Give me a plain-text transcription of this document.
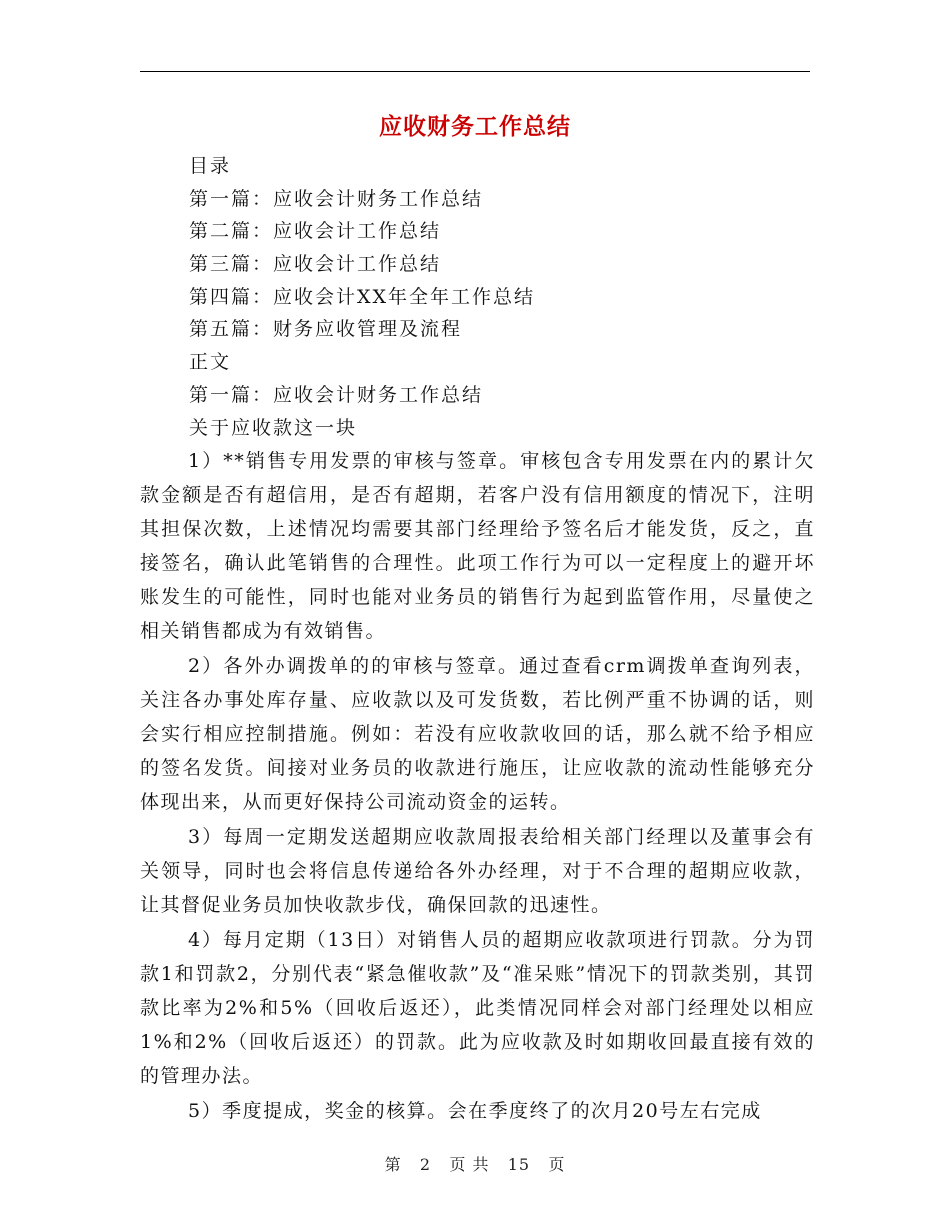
应收财务工作总结
目录
第一篇：应收会计财务工作总结
第二篇：应收会计工作总结
第三篇：应收会计工作总结
第四篇：应收会计XX年全年工作总结
第五篇：财务应收管理及流程
正文
第一篇：应收会计财务工作总结
关于应收款这一块

1）**销售专用发票的审核与签章。审核包含专用发票在内的累计欠款金额是否有超信用，是否有超期，若客户没有信用额度的情况下，注明其担保次数，上述情况均需要其部门经理给予签名后才能发货，反之，直接签名，确认此笔销售的合理性。此项工作行为可以一定程度上的避开坏账发生的可能性，同时也能对业务员的销售行为起到监管作用，尽量使之相关销售都成为有效销售。

2）各外办调拨单的的审核与签章。通过查看crm调拨单查询列表，关注各办事处库存量、应收款以及可发货数，若比例严重不协调的话，则会实行相应控制措施。例如：若没有应收款收回的话，那么就不给予相应的签名发货。间接对业务员的收款进行施压，让应收款的流动性能够充分体现出来，从而更好保持公司流动资金的运转。

3）每周一定期发送超期应收款周报表给相关部门经理以及董事会有关领导，同时也会将信息传递给各外办经理，对于不合理的超期应收款，让其督促业务员加快收款步伐，确保回款的迅速性。

4）每月定期（13日）对销售人员的超期应收款项进行罚款。分为罚款1和罚款2，分别代表“紧急催收款”及“准呆账”情况下的罚款类别，其罚款比率为2%和5%（回收后返还），此类情况同样会对部门经理处以相应1%和2%（回收后返还）的罚款。此为应收款及时如期收回最直接有效的的管理办法。

5）季度提成，奖金的核算。会在季度终了的次月20号左右完成

第 2 页 共 15 页
